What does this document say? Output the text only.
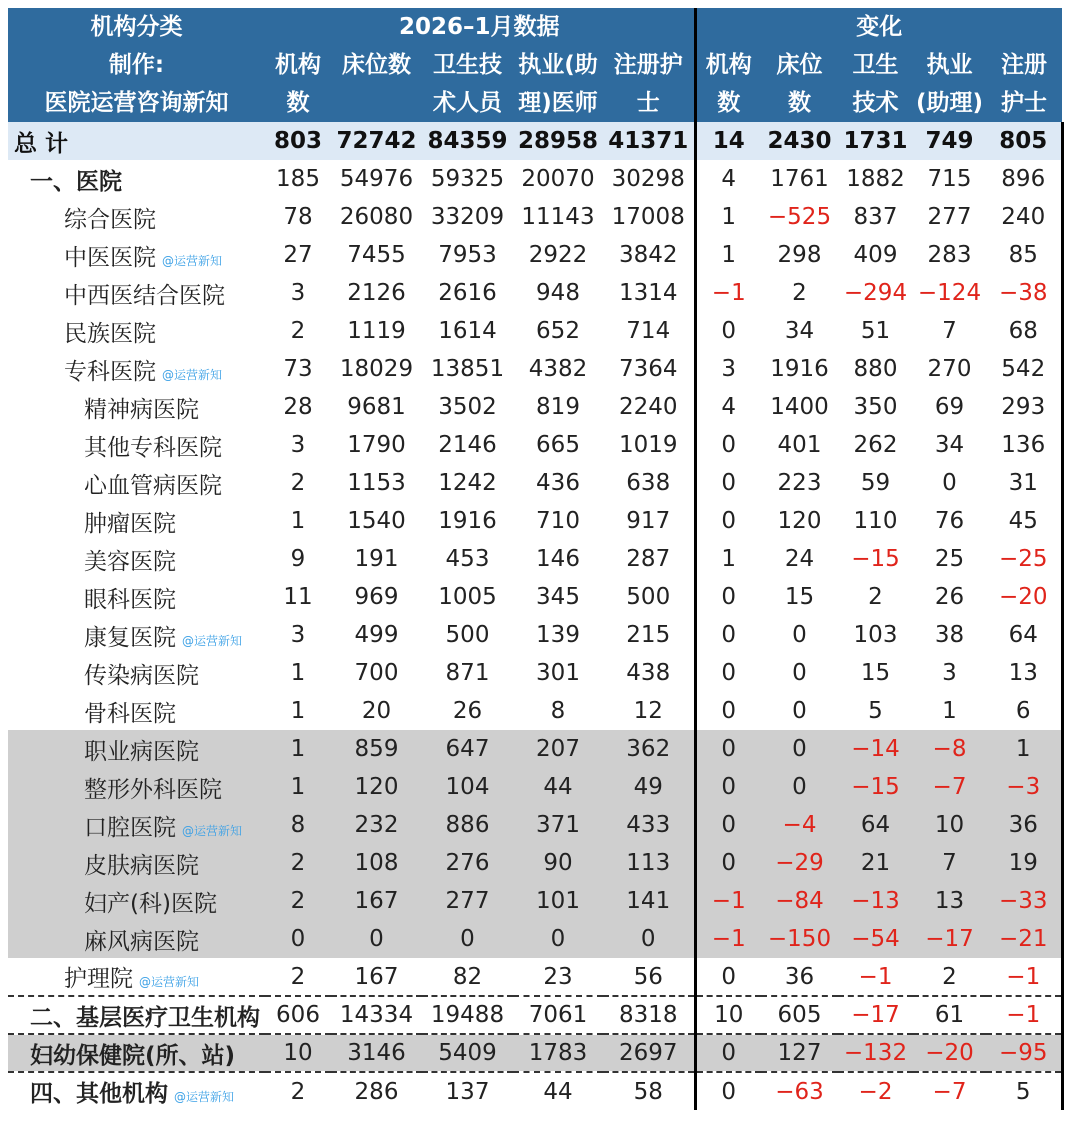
机构分类	2026–1月数据					变化				
制作:	机构	床位数	卫生技	执业(助	注册护	机构	床位	卫生	执业	注册
医院运营咨询新知	数		术人员	理)医师	士	数	数	技术	(助理)	护士
总 计	803	72742	84359	28958	41371	14	2430	1731	749	805
一、医院	185	54976	59325	20070	30298	4	1761	1882	715	896
综合医院	78	26080	33209	11143	17008	1	−525	837	277	240
中医医院 @运营新知	27	7455	7953	2922	3842	1	298	409	283	85
中西医结合医院	3	2126	2616	948	1314	−1	2	−294	−124	−38
民族医院	2	1119	1614	652	714	0	34	51	7	68
专科医院 @运营新知	73	18029	13851	4382	7364	3	1916	880	270	542
精神病医院	28	9681	3502	819	2240	4	1400	350	69	293
其他专科医院	3	1790	2146	665	1019	0	401	262	34	136
心血管病医院	2	1153	1242	436	638	0	223	59	0	31
肿瘤医院	1	1540	1916	710	917	0	120	110	76	45
美容医院	9	191	453	146	287	1	24	−15	25	−25
眼科医院	11	969	1005	345	500	0	15	2	26	−20
康复医院 @运营新知	3	499	500	139	215	0	0	103	38	64
传染病医院	1	700	871	301	438	0	0	15	3	13
骨科医院	1	20	26	8	12	0	0	5	1	6
职业病医院	1	859	647	207	362	0	0	−14	−8	1
整形外科医院	1	120	104	44	49	0	0	−15	−7	−3
口腔医院 @运营新知	8	232	886	371	433	0	−4	64	10	36
皮肤病医院	2	108	276	90	113	0	−29	21	7	19
妇产(科)医院	2	167	277	101	141	−1	−84	−13	13	−33
麻风病医院	0	0	0	0	0	−1	−150	−54	−17	−21
护理院 @运营新知	2	167	82	23	56	0	36	−1	2	−1
二、基层医疗卫生机构	606	14334	19488	7061	8318	10	605	−17	61	−1
妇幼保健院(所、站)	10	3146	5409	1783	2697	0	127	−132	−20	−95
四、其他机构 @运营新知	2	286	137	44	58	0	−63	−2	−7	5
